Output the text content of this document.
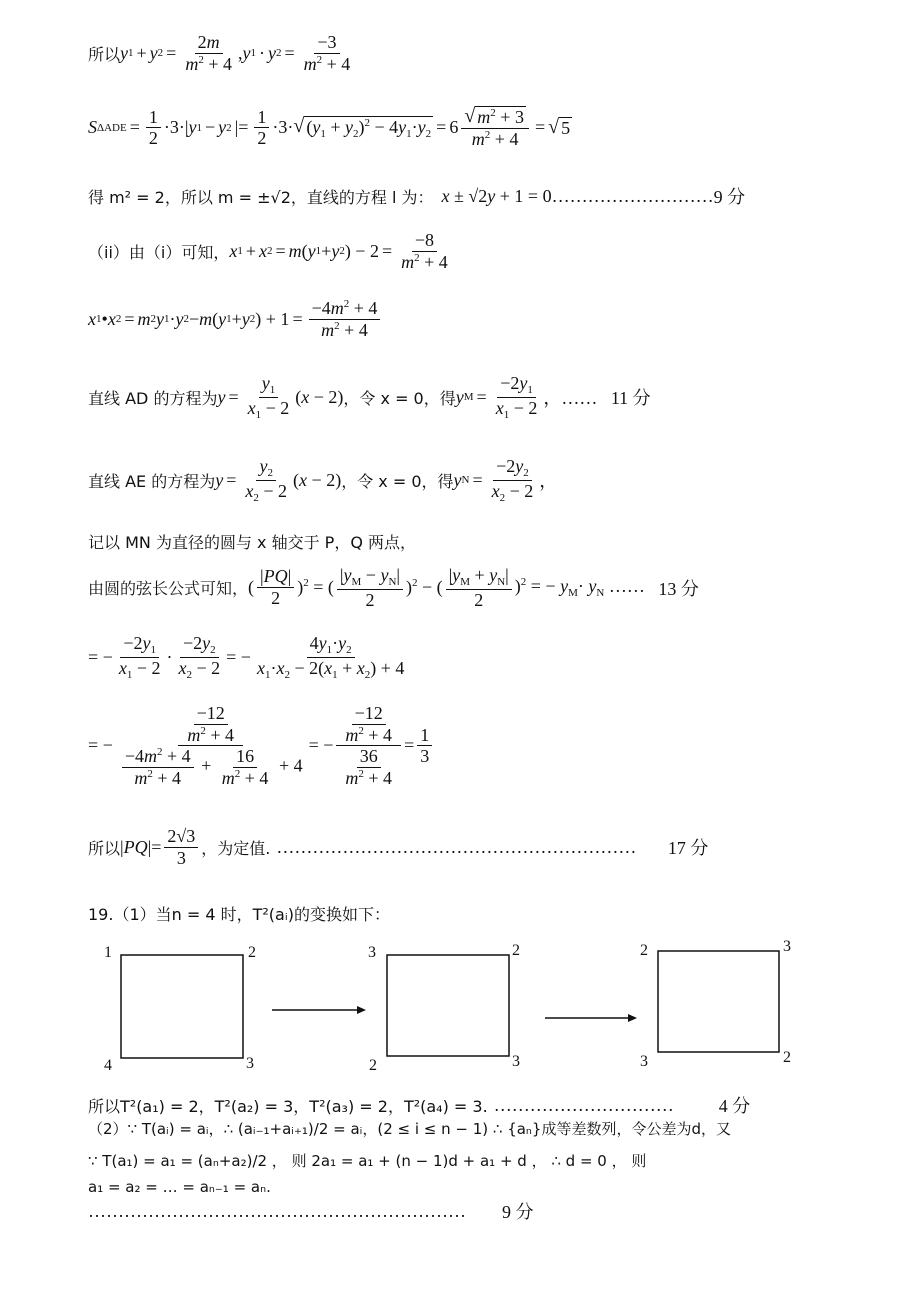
所以 y 1 + y $2 = \frac{2m}{m^2 + 4}$ , y 1 · y $2 = \frac{-3}{m^2 + 4}$
S $\Delta ADE = \frac{1}{2} \cdot 3\cdot|$ y 1 − y 2 |= $\frac{1}{2} \cdot 3\cdot$ √ $(y_1 + y_2)^2 - 4y_1\cdot y_2 = 6 \frac{√ m^2 + 3}{m^2 + 4}$ = √ 5
得 m² = 2，所以 m = ±√2，直线的方程 l 为： x ± √2y + 1 = 0 ……………………… 9 分
（ii）由（i）可知， x 1 + x 2 = m ( y 1 + y 2 ) − $2 = \frac{-8}{m^2 + 4}$
x 1 • x 2 = m 2 y 1 · y 2 − m ( y 1 + y 2 ) + $1 = \frac{-4m^2 + 4}{m^2 + 4}$
直线 AD 的方程为 $y = \frac{y_1}{x_1 - 2} (x - 2)$ ，令 x = 0，得 y $M = \frac{-2y_1}{x_1 - 2}$ ，…… 11 分
直线 AE 的方程为 $y = \frac{y_2}{x_2 - 2} (x - 2)$ ，令 x = 0，得 y $N = \frac{-2y_2}{x_2 - 2}$ ，
记以 MN 为直径的圆与 x 轴交于 P，Q 两点，
由圆的弦长公式可知， ( $\frac{|PQ|}{2} )^2$ = ( $\frac{|y_M - y_N|}{2} )^2$ − ( $\frac{|y_M + y_N|}{2} )^2$ = − $y_M\cdot y_N$ …… 13 分
= − $\frac{-2y_1}{x_1 - 2} \cdot \frac{-2y_2}{x_2 - 2}$ = − $\frac{4y_1\cdot y_2}{x_1\cdot x_2 - 2(x_1 + x_2) + 4}$
= − $\frac{\frac{-12}{m^2 + 4}}{\frac{-4m^2 + 4}{m^2 + 4} + \frac{16}{m^2 + 4} + 4}$ = − $\frac{\frac{-12}{m^2 + 4}}{\frac{36}{m^2 + 4}} = \frac{1}{3}$
所以 $|PQ|= \frac{2√3}{3}$ ，为定值. …………………………………………………… 17 分
19.（1）当n = 4 时，T²(aᵢ)的变换如下：
1	2
4	3
3	2
2	3
2	3
3	2
所以T²(a₁) = 2，T²(a₂) = 3，T²(a₃) = 2，T²(a₄) = 3. ………………………… 4 分
（2）∵ T(aᵢ) = aᵢ，∴ (aᵢ₋₁+aᵢ₊₁)/2 = aᵢ，(2 ≤ i ≤ n − 1) ∴ {aₙ}成等差数列，令公差为d，又
∵ T(a₁) = a₁ = (aₙ+a₂)/2 ， 则 2a₁ = a₁ + (n − 1)d + a₁ + d ， ∴ d = 0 ， 则
a₁ = a₂ = … = aₙ₋₁ = aₙ.
……………………………………………………… 9 分
